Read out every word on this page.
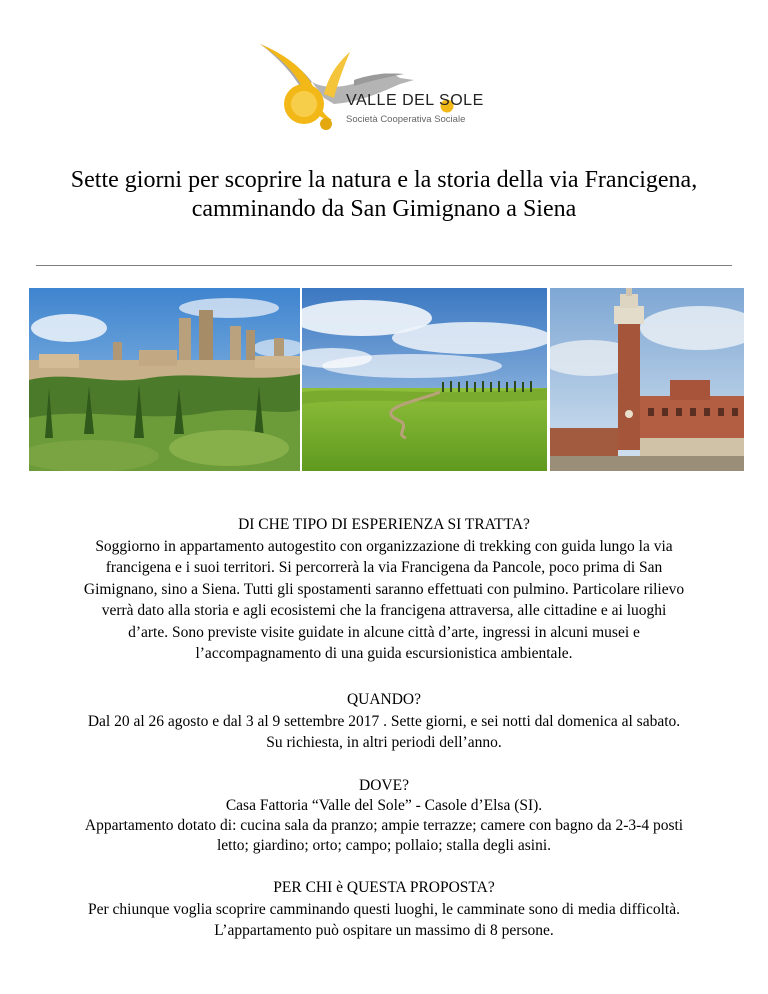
VALLE DEL SOLE
Società Cooperativa Sociale
Sette giorni per scoprire la natura e la storia della via Francigena,
camminando da San Gimignano a Siena

DI CHE TIPO DI ESPERIENZA SI TRATTA?

Soggiorno in appartamento autogestito con organizzazione di trekking con guida lungo la via

francigena e i suoi territori. Si percorrerà la via Francigena da Pancole, poco prima di San

Gimignano, sino a Siena. Tutti gli spostamenti saranno effettuati con pulmino. Particolare rilievo

verrà dato alla storia e agli ecosistemi che la francigena attraversa, alle cittadine e ai luoghi

d’arte. Sono previste visite guidate in alcune città d’arte, ingressi in alcuni musei e

l’accompagnamento di una guida escursionistica ambientale.

QUANDO?

Dal 20 al 26 agosto e dal 3 al 9 settembre 2017 . Sette giorni, e sei notti dal domenica al sabato.

Su richiesta, in altri periodi dell’anno.

DOVE?

Casa Fattoria “Valle del Sole” - Casole d’Elsa (SI).

Appartamento dotato di: cucina sala da pranzo; ampie terrazze; camere con bagno da 2-3-4 posti

letto; giardino; orto; campo; pollaio; stalla degli asini.

PER CHI è QUESTA PROPOSTA?

Per chiunque voglia scoprire camminando questi luoghi, le camminate sono di media difficoltà.

L’appartamento può ospitare un massimo di 8 persone.
